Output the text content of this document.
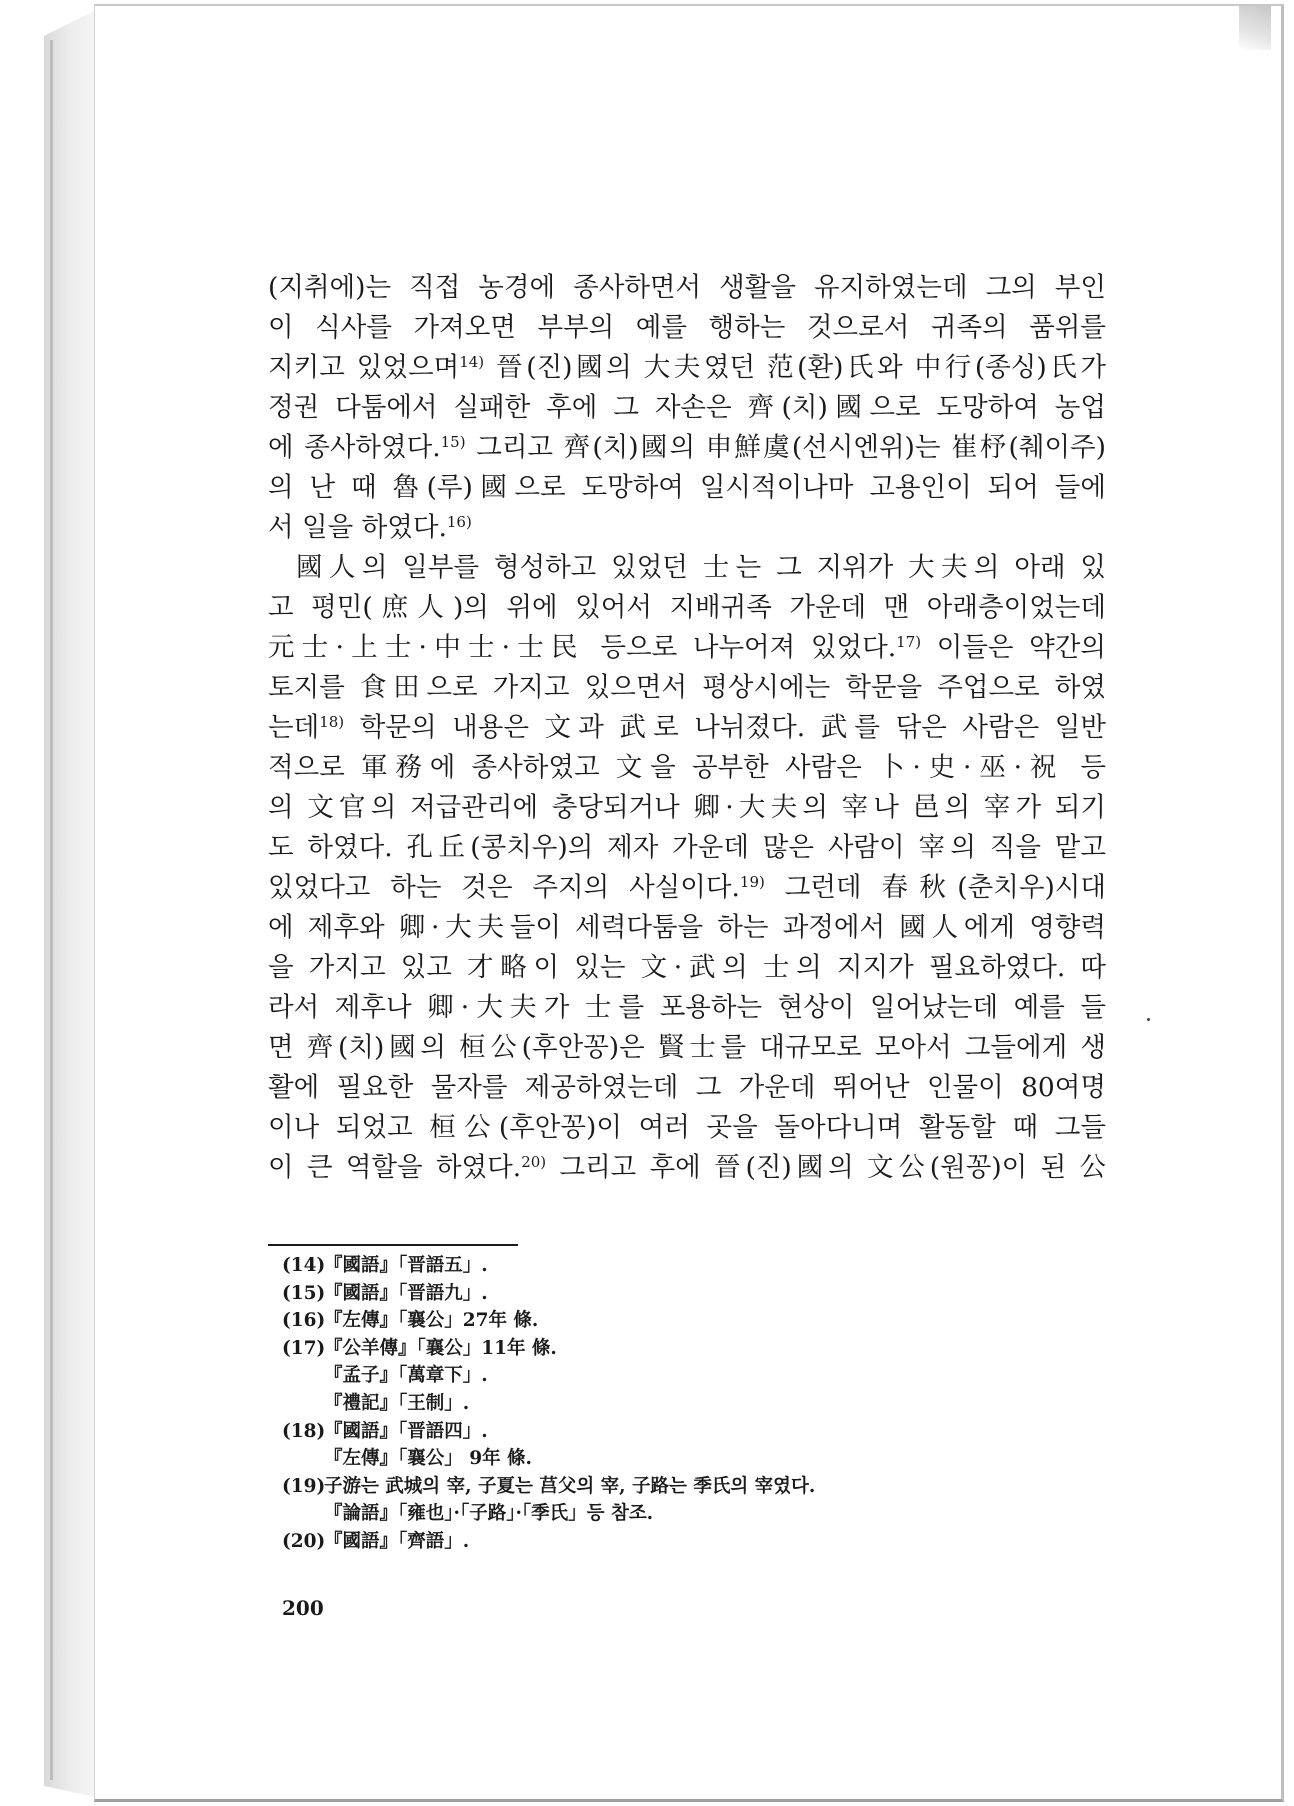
(지취에)는 직접 농경에 종사하면서 생활을 유지하였는데 그의 부인
이 식사를 가져오면 부부의 예를 행하는 것으로서 귀족의 품위를
지키고 있었으며$^{14)}$ 晉(진)國의 大夫였던 范(환)氏와 中行(종싱)氏가
정권 다툼에서 실패한 후에 그 자손은 齊(치)國으로 도망하여 농업
에 종사하였다.$^{15)}$ 그리고 齊(치)國의 申鮮虞(선시엔위)는 崔杼(췌이주)
의 난 때 魯(루)國으로 도망하여 일시적이나마 고용인이 되어 들에
서 일을 하였다.$^{16)}$
國人의 일부를 형성하고 있었던 士는 그 지위가 大夫의 아래 있
고 평민(庶人)의 위에 있어서 지배귀족 가운데 맨 아래층이었는데
元士·上士·中士·士民 등으로 나누어져 있었다.$^{17)}$ 이들은 약간의
토지를 食田으로 가지고 있으면서 평상시에는 학문을 주업으로 하였
는데$^{18)}$ 학문의 내용은 文과 武로 나뉘졌다. 武를 닦은 사람은 일반
적으로 軍務에 종사하였고 文을 공부한 사람은 卜·史·巫·祝 등
의 文官의 저급관리에 충당되거나 卿·大夫의 宰나 邑의 宰가 되기
도 하였다. 孔丘(콩치우)의 제자 가운데 많은 사람이 宰의 직을 맡고
있었다고 하는 것은 주지의 사실이다.$^{19)}$ 그런데 春秋(춘치우)시대
에 제후와 卿·大夫들이 세력다툼을 하는 과정에서 國人에게 영향력
을 가지고 있고 才略이 있는 文·武의 士의 지지가 필요하였다. 따
라서 제후나 卿·大夫가 士를 포용하는 현상이 일어났는데 예를 들
면 齊(치)國의 桓公(후안꽁)은 賢士를 대규모로 모아서 그들에게 생
활에 필요한 물자를 제공하였는데 그 가운데 뛰어난 인물이 80여명
이나 되었고 桓公(후안꽁)이 여러 곳을 돌아다니며 활동할 때 그들
이 큰 역할을 하였다.$^{20)}$ 그리고 후에 晉(진)國의 文公(원꽁)이 된 公
(14)
『國語』「晋語五」.
(15)
『國語』「晋語九」.
(16)
『左傳』「襄公」27年 條.
(17)
『公羊傳』「襄公」11年 條.
『孟子』「萬章下」.
『禮記』「王制」.
(18)
『國語』「晋語四」.
『左傳』「襄公」 9年 條.
(19)
子游는 武城의 宰, 子夏는 莒父의 宰, 子路는 季氏의 宰였다.
『論語』「雍也」·「子路」·「季氏」등 참조.
(20)
『國語』「齊語」.
200
